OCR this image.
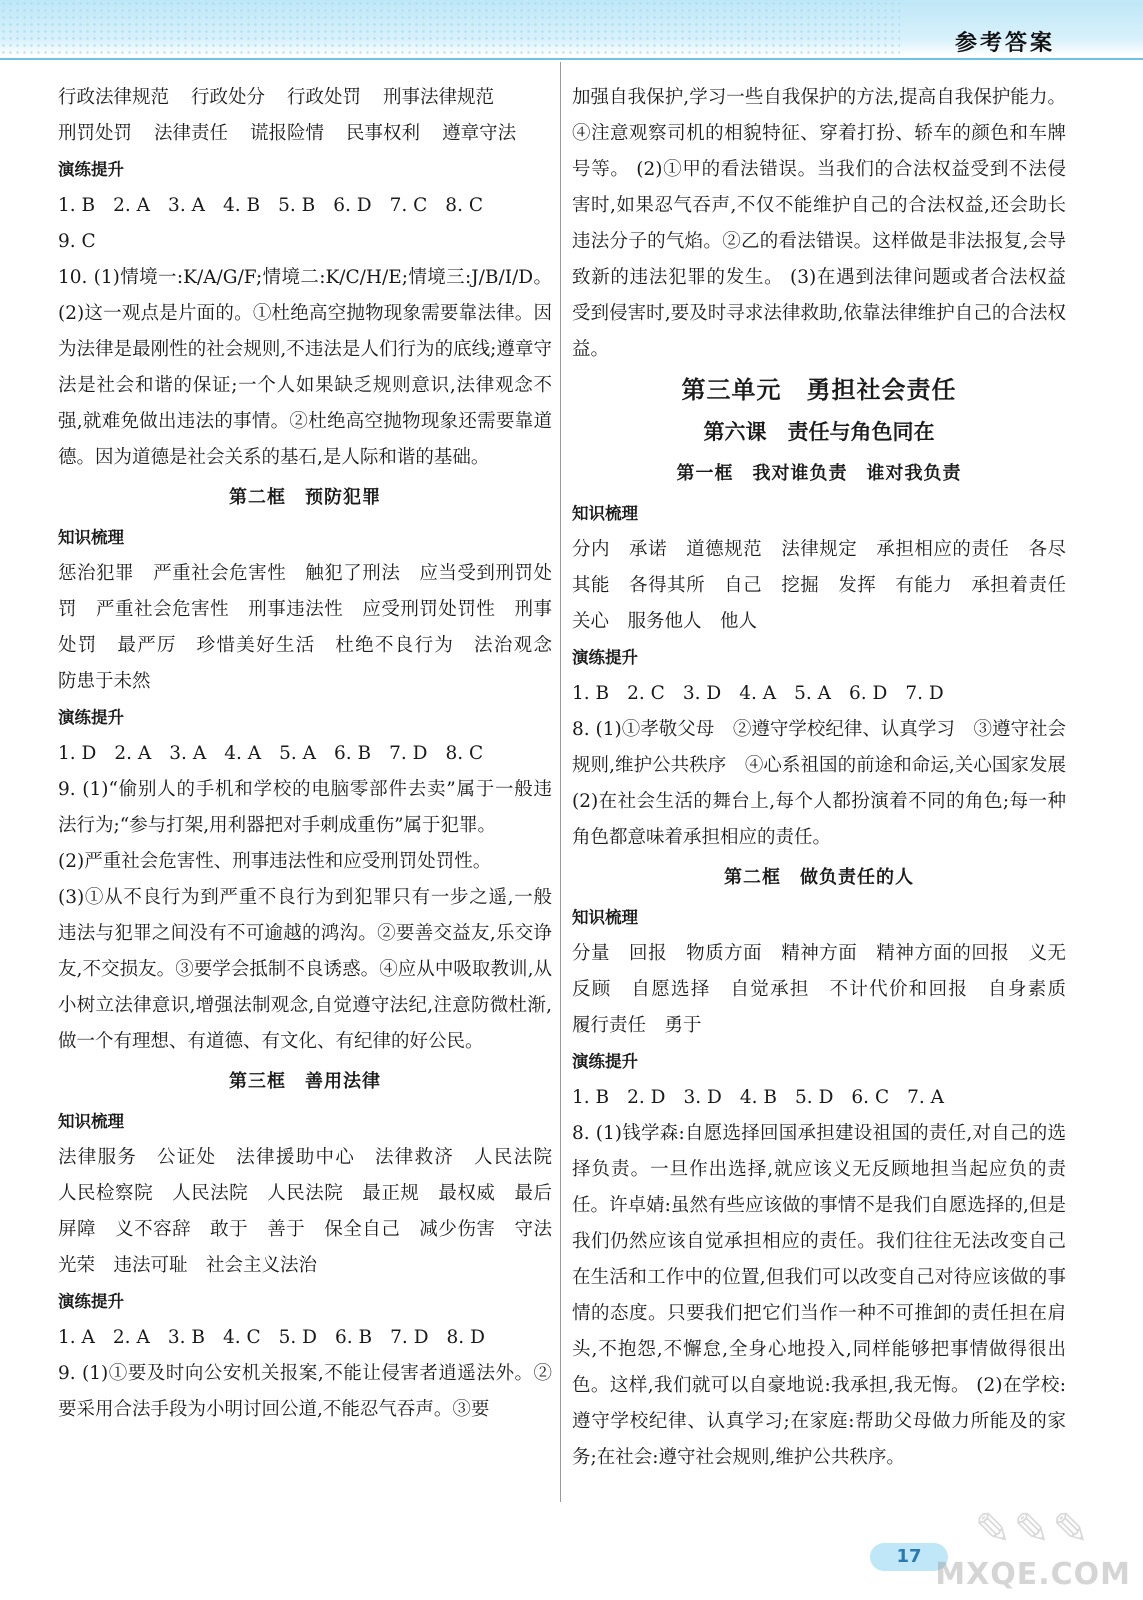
参考答案

行政法律规范 行政处分 行政处罚 刑事法律规范

刑罚处罚 法律责任 谎报险情 民事权利 遵章守法

演练提升

1. B 2. A 3. A 4. B 5. B 6. D 7. C 8. C

9. C

10. (1)情境一:K/A/G/F;情境二:K/C/H/E;情境三:J/B/I/D。 (2)这一观点是片面的。①杜绝高空抛物现象需要靠法律。因为法律是最刚性的社会规则,不违法是人们行为的底线;遵章守法是社会和谐的保证;一个人如果缺乏规则意识,法律观念不强,就难免做出违法的事情。②杜绝高空抛物现象还需要靠道德。因为道德是社会关系的基石,是人际和谐的基础。

第二框　预防犯罪

知识梳理

惩治犯罪　严重社会危害性　触犯了刑法　应当受到刑罚处罚　严重社会危害性　刑事违法性　应受刑罚处罚性　刑事处罚　最严厉　珍惜美好生活　杜绝不良行为　法治观念　防患于未然

演练提升

1. D 2. A 3. A 4. A 5. A 6. B 7. D 8. C

9. (1)“偷别人的手机和学校的电脑零部件去卖”属于一般违法行为;“参与打架,用利器把对手刺成重伤”属于犯罪。

(2)严重社会危害性、刑事违法性和应受刑罚处罚性。

(3)①从不良行为到严重不良行为到犯罪只有一步之遥,一般违法与犯罪之间没有不可逾越的鸿沟。②要善交益友,乐交诤友,不交损友。③要学会抵制不良诱惑。④应从中吸取教训,从小树立法律意识,增强法制观念,自觉遵守法纪,注意防微杜渐,做一个有理想、有道德、有文化、有纪律的好公民。

第三框　善用法律

知识梳理

法律服务　公证处　法律援助中心　法律救济　人民法院　人民检察院　人民法院　人民法院　最正规　最权威　最后屏障　义不容辞　敢于　善于　保全自己　减少伤害　守法光荣　违法可耻　社会主义法治

演练提升

1. A 2. A 3. B 4. C 5. D 6. B 7. D 8. D

9. (1)①要及时向公安机关报案,不能让侵害者逍遥法外。②要采用合法手段为小明讨回公道,不能忍气吞声。③要

加强自我保护,学习一些自我保护的方法,提高自我保护能力。④注意观察司机的相貌特征、穿着打扮、轿车的颜色和车牌号等。 (2)①甲的看法错误。当我们的合法权益受到不法侵害时,如果忍气吞声,不仅不能维护自己的合法权益,还会助长违法分子的气焰。②乙的看法错误。这样做是非法报复,会导致新的违法犯罪的发生。 (3)在遇到法律问题或者合法权益受到侵害时,要及时寻求法律救助,依靠法律维护自己的合法权益。

第三单元　勇担社会责任

第六课　责任与角色同在

第一框　我对谁负责　谁对我负责

知识梳理

分内　承诺　道德规范　法律规定　承担相应的责任　各尽其能　各得其所　自己　挖掘　发挥　有能力　承担着责任　关心　服务他人　他人

演练提升

1. B 2. C 3. D 4. A 5. A 6. D 7. D

8. (1)①孝敬父母　②遵守学校纪律、认真学习　③遵守社会规则,维护公共秩序　④心系祖国的前途和命运,关心国家发展 (2)在社会生活的舞台上,每个人都扮演着不同的角色;每一种角色都意味着承担相应的责任。

第二框　做负责任的人

知识梳理

分量　回报　物质方面　精神方面　精神方面的回报　义无反顾　自愿选择　自觉承担　不计代价和回报　自身素质　履行责任　勇于

演练提升

1. B 2. D 3. D 4. B 5. D 6. C 7. A

8. (1)钱学森:自愿选择回国承担建设祖国的责任,对自己的选择负责。一旦作出选择,就应该义无反顾地担当起应负的责任。许卓婧:虽然有些应该做的事情不是我们自愿选择的,但是我们仍然应该自觉承担相应的责任。我们往往无法改变自己在生活和工作中的位置,但我们可以改变自己对待应该做的事情的态度。只要我们把它们当作一种不可推卸的责任担在肩头,不抱怨,不懈怠,全身心地投入,同样能够把事情做得很出色。这样,我们就可以自豪地说:我承担,我无悔。 (2)在学校:遵守学校纪律、认真学习;在家庭:帮助父母做力所能及的家务;在社会:遵守社会规则,维护公共秩序。

17
✎✎✎
MXQE.COM
